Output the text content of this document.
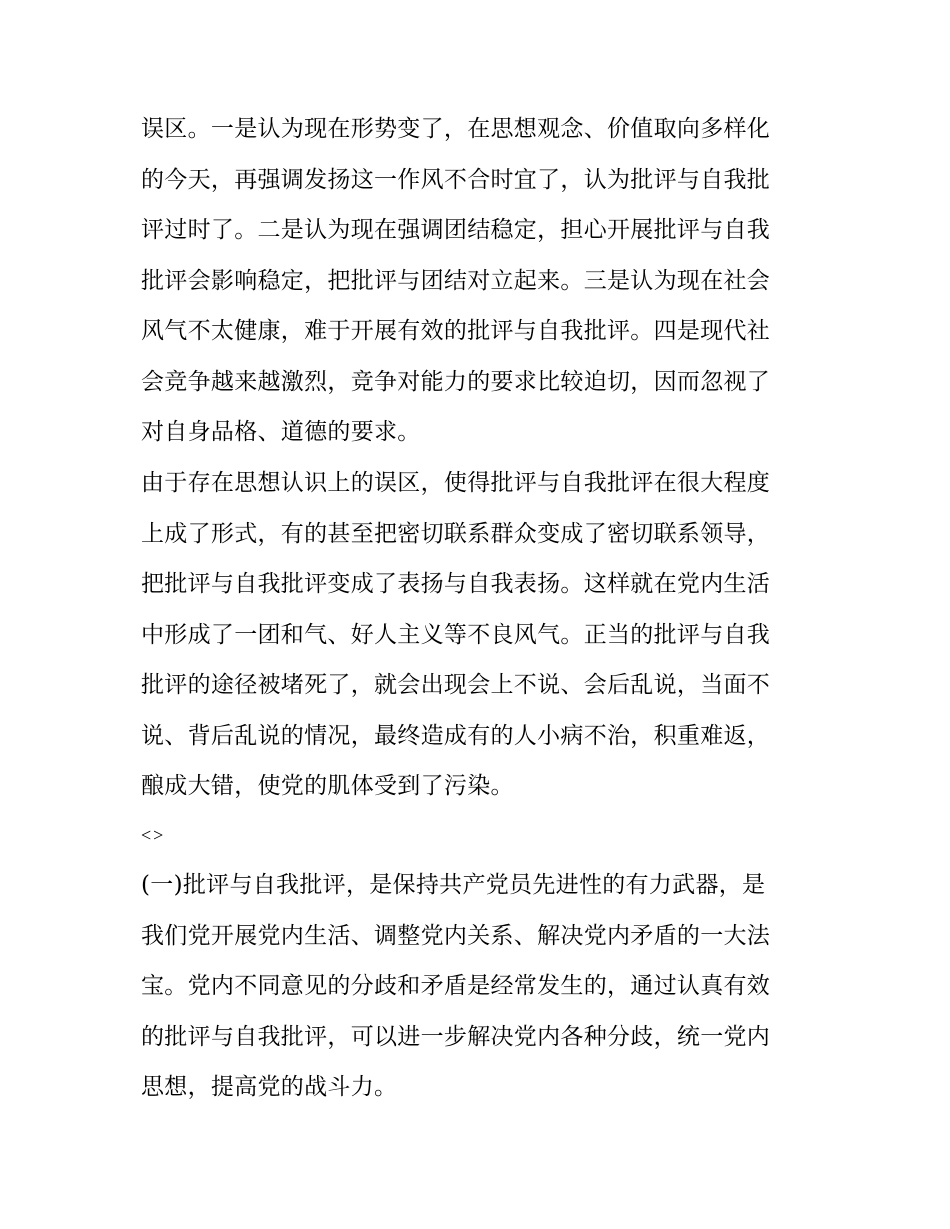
误区。一是认为现在形势变了，在思想观念、价值取向多样化
的今天，再强调发扬这一作风不合时宜了，认为批评与自我批
评过时了。二是认为现在强调团结稳定，担心开展批评与自我
批评会影响稳定，把批评与团结对立起来。三是认为现在社会
风气不太健康，难于开展有效的批评与自我批评。四是现代社
会竞争越来越激烈，竞争对能力的要求比较迫切，因而忽视了
对自身品格、道德的要求。
由于存在思想认识上的误区，使得批评与自我批评在很大程度
上成了形式，有的甚至把密切联系群众变成了密切联系领导，
把批评与自我批评变成了表扬与自我表扬。这样就在党内生活
中形成了一团和气、好人主义等不良风气。正当的批评与自我
批评的途径被堵死了，就会出现会上不说、会后乱说，当面不
说、背后乱说的情况，最终造成有的人小病不治，积重难返，
酿成大错，使党的肌体受到了污染。
<>
(一)批评与自我批评，是保持共产党员先进性的有力武器，是
我们党开展党内生活、调整党内关系、解决党内矛盾的一大法
宝。党内不同意见的分歧和矛盾是经常发生的，通过认真有效
的批评与自我批评，可以进一步解决党内各种分歧，统一党内
思想，提高党的战斗力。
